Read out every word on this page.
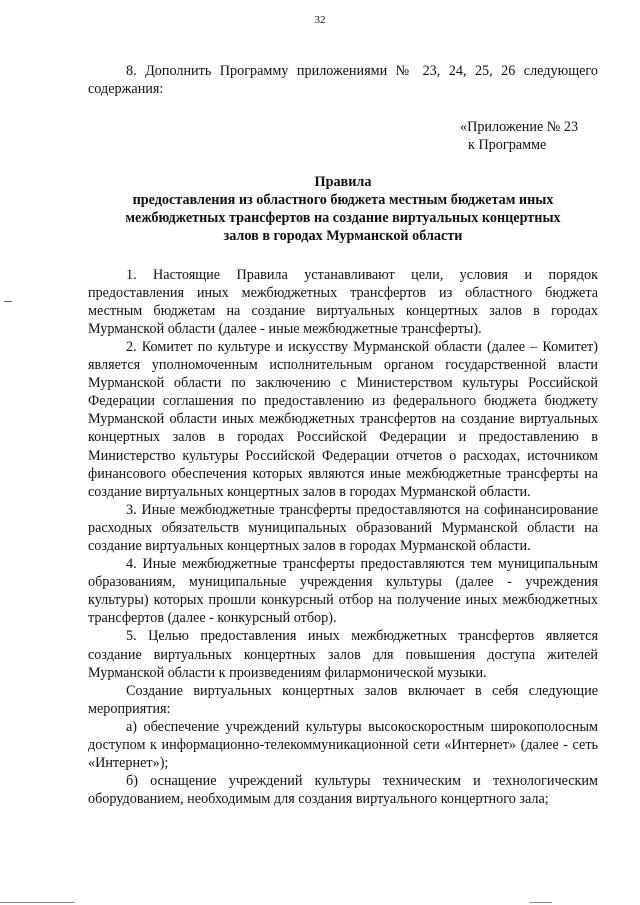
32

8. Дополнить Программу приложениями № 23, 24, 25, 26 следующего содержания:

«Приложение № 23
к Программе

Правила
предоставления из областного бюджета местным бюджетам иных
межбюджетных трансфертов на создание виртуальных концертных
залов в городах Мурманской области

1. Настоящие Правила устанавливают цели, условия и порядок предоставления иных межбюджетных трансфертов из областного бюджета местным бюджетам на создание виртуальных концертных залов в городах Мурманской области (далее - иные межбюджетные трансферты).

2. Комитет по культуре и искусству Мурманской области (далее – Комитет) является уполномоченным исполнительным органом государственной власти Мурманской области по заключению с Министерством культуры Российской Федерации соглашения по предоставлению из федерального бюджета бюджету Мурманской области иных межбюджетных трансфертов на создание виртуальных концертных залов в городах Российской Федерации и предоставлению в Министерство культуры Российской Федерации отчетов о расходах, источником финансового обеспечения которых являются иные межбюджетные трансферты на создание виртуальных концертных залов в городах Мурманской области.

3. Иные межбюджетные трансферты предоставляются на софинансирование расходных обязательств муниципальных образований Мурманской области на создание виртуальных концертных залов в городах Мурманской области.

4. Иные межбюджетные трансферты предоставляются тем муниципальным образованиям, муниципальные учреждения культуры (далее - учреждения культуры) которых прошли конкурсный отбор на получение иных межбюджетных трансфертов (далее - конкурсный отбор).

5. Целью предоставления иных межбюджетных трансфертов является создание виртуальных концертных залов для повышения доступа жителей Мурманской области к произведениям филармонической музыки.

Создание виртуальных концертных залов включает в себя следующие мероприятия:

а) обеспечение учреждений культуры высокоскоростным широкополосным доступом к информационно-телекоммуникационной сети «Интернет» (далее - сеть «Интернет»);

б) оснащение учреждений культуры техническим и технологическим оборудованием, необходимым для создания виртуального концертного зала;
